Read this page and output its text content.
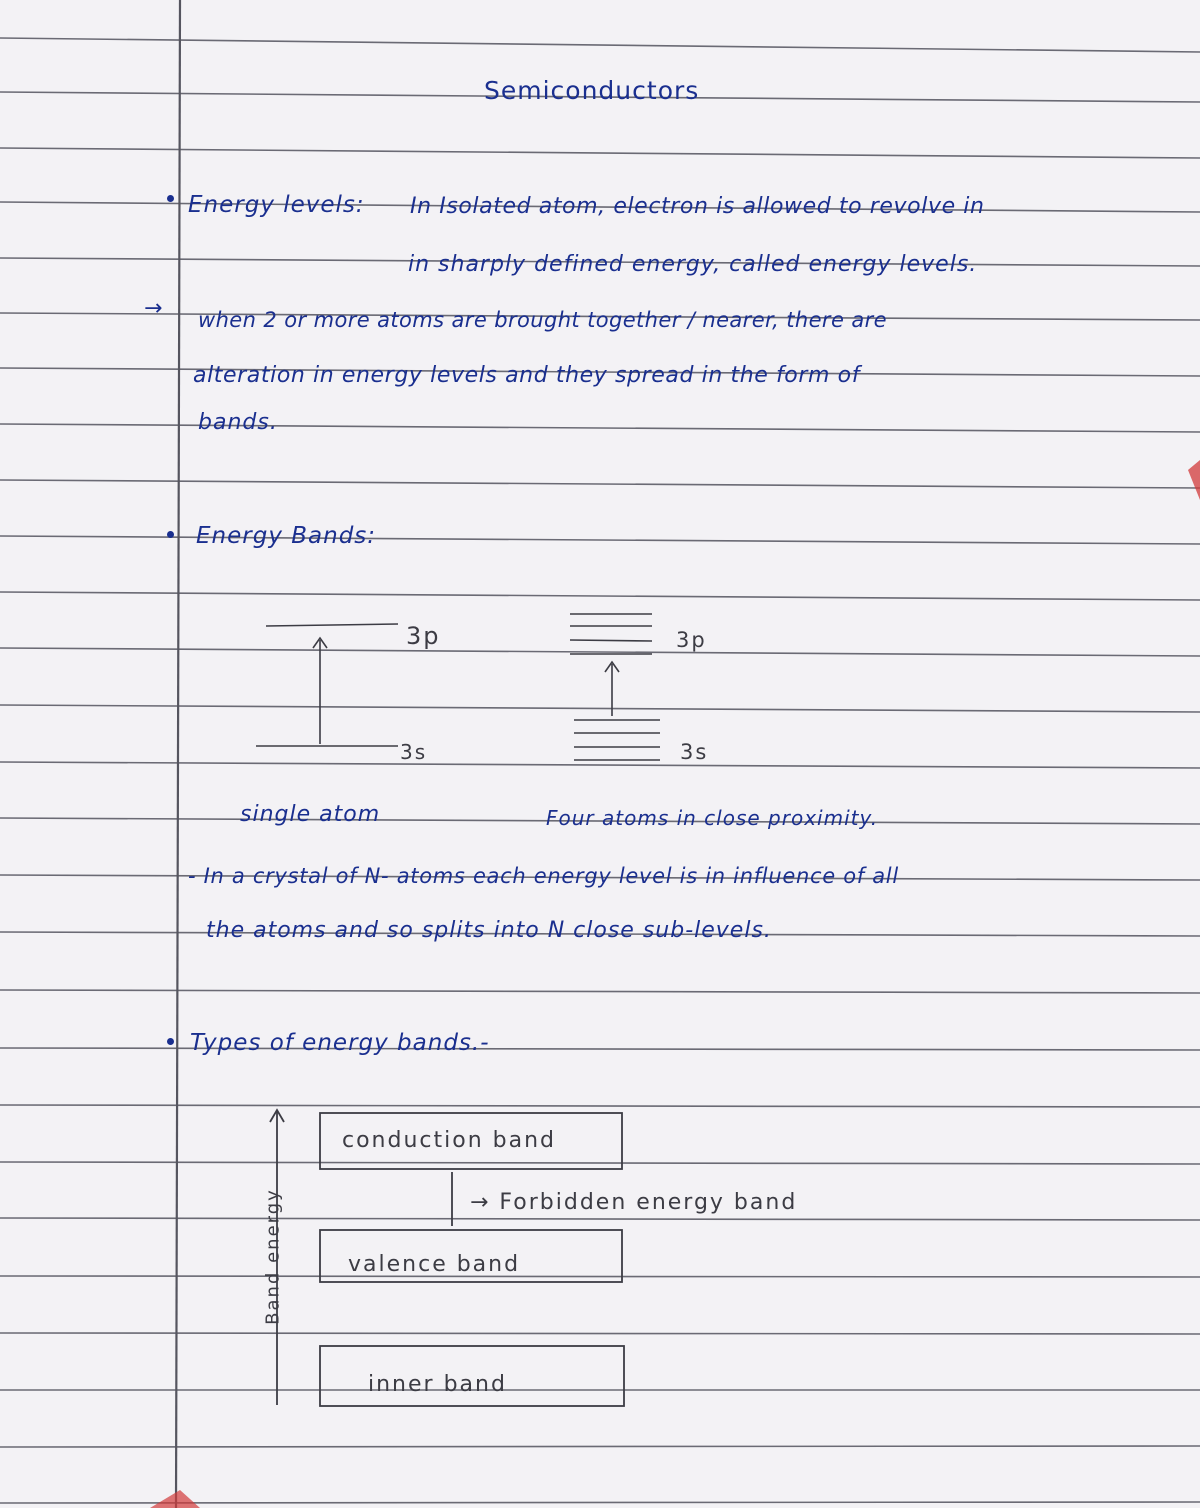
Semiconductors
Energy levels: In Isolated atom, electron is allowed to revolve in
in sharply defined energy, called energy levels.
→ when 2 or more atoms are brought together / nearer, there are
alteration in energy levels and they spread in the form of
bands.
Energy Bands:
3p
3s
3p
3s
single atom	Four atoms in close proximity.
- In a crystal of N- atoms each energy level is in influence of all
the atoms and so splits into N close sub-levels.
Types of energy bands.-
Band energy
conduction band
→ Forbidden energy band
valence band
inner band
